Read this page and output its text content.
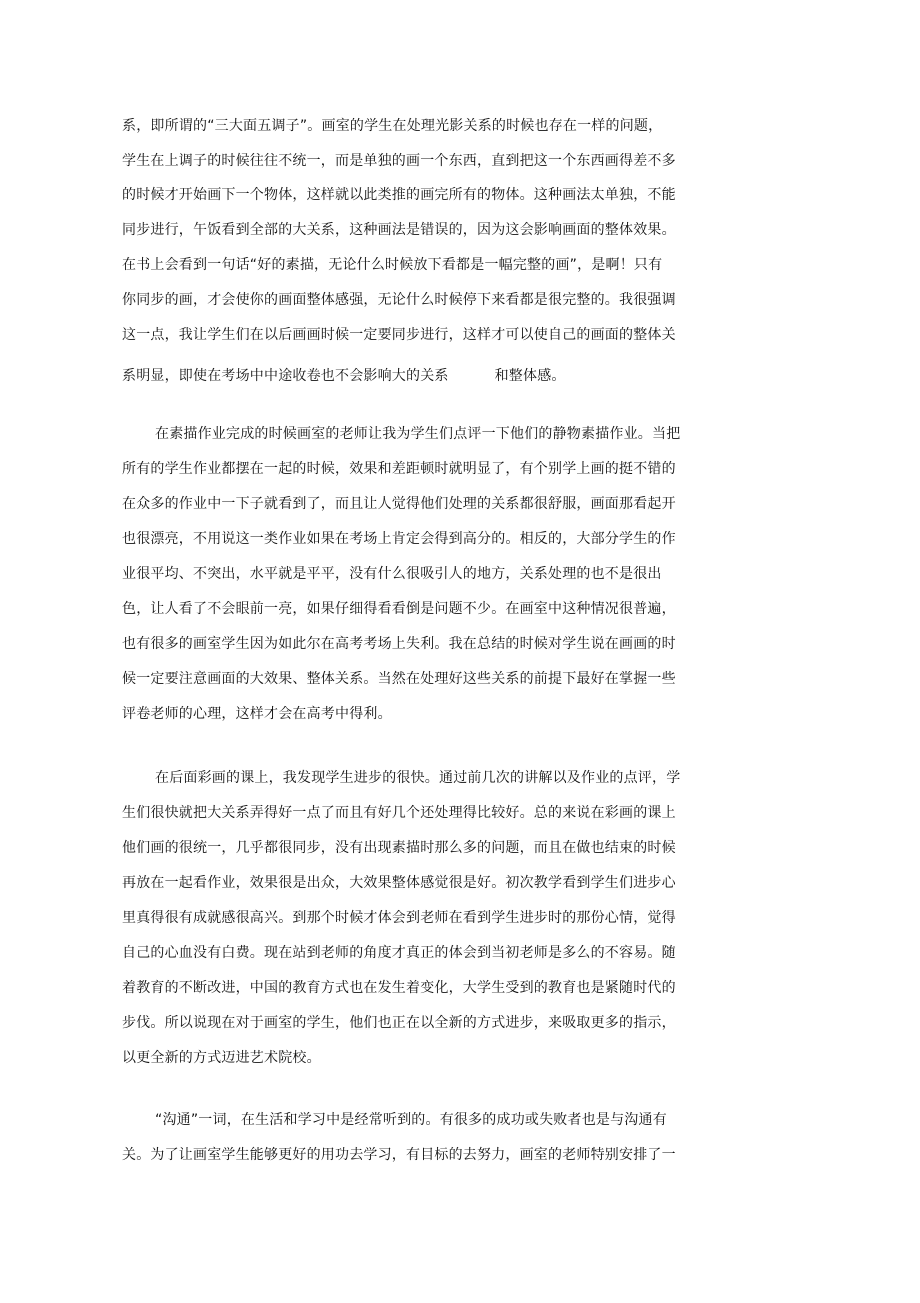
系，即所谓的“三大面五调子”。画室的学生在处理光影关系的时候也存在一样的问题，
学生在上调子的时候往往不统一，而是单独的画一个东西，直到把这一个东西画得差不多
的时候才开始画下一个物体，这样就以此类推的画完所有的物体。这种画法太单独，不能
同步进行，午饭看到全部的大关系，这种画法是错误的，因为这会影响画面的整体效果。
在书上会看到一句话“好的素描，无论什么时候放下看都是一幅完整的画”，是啊！只有
你同步的画，才会使你的画面整体感强，无论什么时候停下来看都是很完整的。我很强调
这一点，我让学生们在以后画画时候一定要同步进行，这样才可以使自己的画面的整体关
系明显，即使在考场中中途收卷也不会影响大的关系	和整体感。
在素描作业完成的时候画室的老师让我为学生们点评一下他们的静物素描作业。当把
所有的学生作业都摆在一起的时候，效果和差距顿时就明显了，有个别学上画的挺不错的
在众多的作业中一下子就看到了，而且让人觉得他们处理的关系都很舒服，画面那看起开
也很漂亮，不用说这一类作业如果在考场上肯定会得到高分的。相反的，大部分学生的作
业很平均、不突出，水平就是平平，没有什么很吸引人的地方，关系处理的也不是很出
色，让人看了不会眼前一亮，如果仔细得看看倒是问题不少。在画室中这种情况很普遍，
也有很多的画室学生因为如此尔在高考考场上失利。我在总结的时候对学生说在画画的时
候一定要注意画面的大效果、整体关系。当然在处理好这些关系的前提下最好在掌握一些
评卷老师的心理，这样才会在高考中得利。
在后面彩画的课上，我发现学生进步的很快。通过前几次的讲解以及作业的点评，学
生们很快就把大关系弄得好一点了而且有好几个还处理得比较好。总的来说在彩画的课上
他们画的很统一，几乎都很同步，没有出现素描时那么多的问题，而且在做也结束的时候
再放在一起看作业，效果很是出众，大效果整体感觉很是好。初次教学看到学生们进步心
里真得很有成就感很高兴。到那个时候才体会到老师在看到学生进步时的那份心情，觉得
自己的心血没有白费。现在站到老师的角度才真正的体会到当初老师是多么的不容易。随
着教育的不断改进，中国的教育方式也在发生着变化，大学生受到的教育也是紧随时代的
步伐。所以说现在对于画室的学生，他们也正在以全新的方式进步，来吸取更多的指示，
以更全新的方式迈进艺术院校。
“沟通”一词，在生活和学习中是经常听到的。有很多的成功或失败者也是与沟通有
关。为了让画室学生能够更好的用功去学习，有目标的去努力，画室的老师特别安排了一
